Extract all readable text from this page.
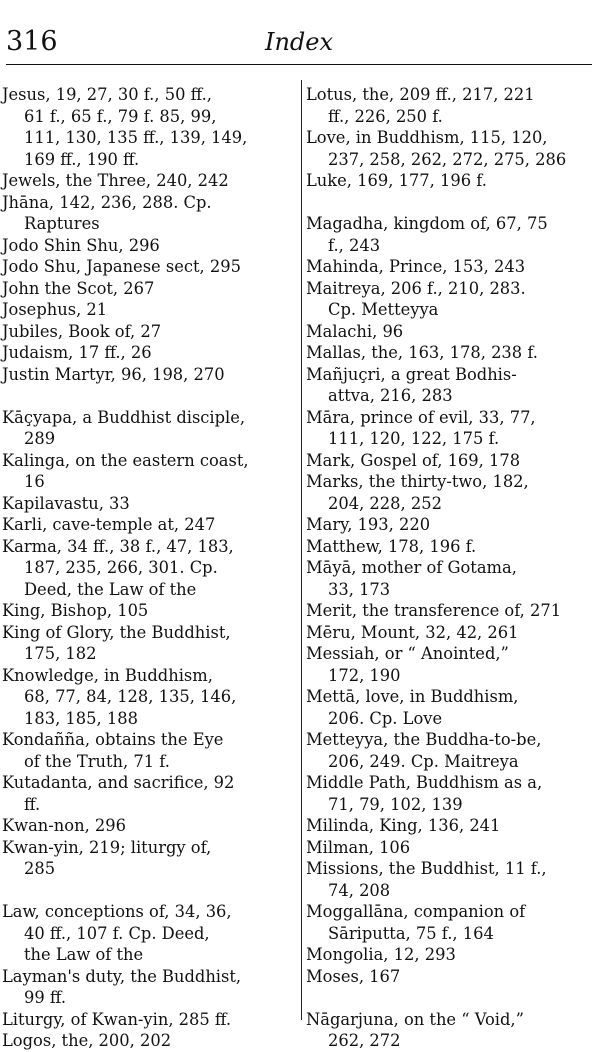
316	Index
Jesus, 19, 27, 30 f., 50 ff.,
61 f., 65 f., 79 f. 85, 99,
111, 130, 135 ff., 139, 149,
169 ff., 190 ff.
Jewels, the Three, 240, 242
Jhāna, 142, 236, 288. Cp.
Raptures
Jodo Shin Shu, 296
Jodo Shu, Japanese sect, 295
John the Scot, 267
Josephus, 21
Jubiles, Book of, 27
Judaism, 17 ff., 26
Justin Martyr, 96, 198, 270
Kāçyapa, a Buddhist disciple,
289
Kalinga, on the eastern coast,
16
Kapilavastu, 33
Karli, cave-temple at, 247
Karma, 34 ff., 38 f., 47, 183,
187, 235, 266, 301. Cp.
Deed, the Law of the
King, Bishop, 105
King of Glory, the Buddhist,
175, 182
Knowledge, in Buddhism,
68, 77, 84, 128, 135, 146,
183, 185, 188
Kondañña, obtains the Eye
of the Truth, 71 f.
Kutadanta, and sacrifice, 92
ff.
Kwan-non, 296
Kwan-yin, 219; liturgy of,
285
Law, conceptions of, 34, 36,
40 ff., 107 f. Cp. Deed,
the Law of the
Layman's duty, the Buddhist,
99 ff.
Liturgy, of Kwan-yin, 285 ff.
Logos, the, 200, 202
Lotus, the, 209 ff., 217, 221
ff., 226, 250 f.
Love, in Buddhism, 115, 120,
237, 258, 262, 272, 275, 286
Luke, 169, 177, 196 f.
Magadha, kingdom of, 67, 75
f., 243
Mahinda, Prince, 153, 243
Maitreya, 206 f., 210, 283.
Cp. Metteyya
Malachi, 96
Mallas, the, 163, 178, 238 f.
Mañjuçri, a great Bodhis-
attva, 216, 283
Māra, prince of evil, 33, 77,
111, 120, 122, 175 f.
Mark, Gospel of, 169, 178
Marks, the thirty-two, 182,
204, 228, 252
Mary, 193, 220
Matthew, 178, 196 f.
Māyā, mother of Gotama,
33, 173
Merit, the transference of, 271
Mēru, Mount, 32, 42, 261
Messiah, or “ Anointed,”
172, 190
Mettā, love, in Buddhism,
206. Cp. Love
Metteyya, the Buddha-to-be,
206, 249. Cp. Maitreya
Middle Path, Buddhism as a,
71, 79, 102, 139
Milinda, King, 136, 241
Milman, 106
Missions, the Buddhist, 11 f.,
74, 208
Moggallāna, companion of
Sāriputta, 75 f., 164
Mongolia, 12, 293
Moses, 167
Nāgarjuna, on the “ Void,”
262, 272
